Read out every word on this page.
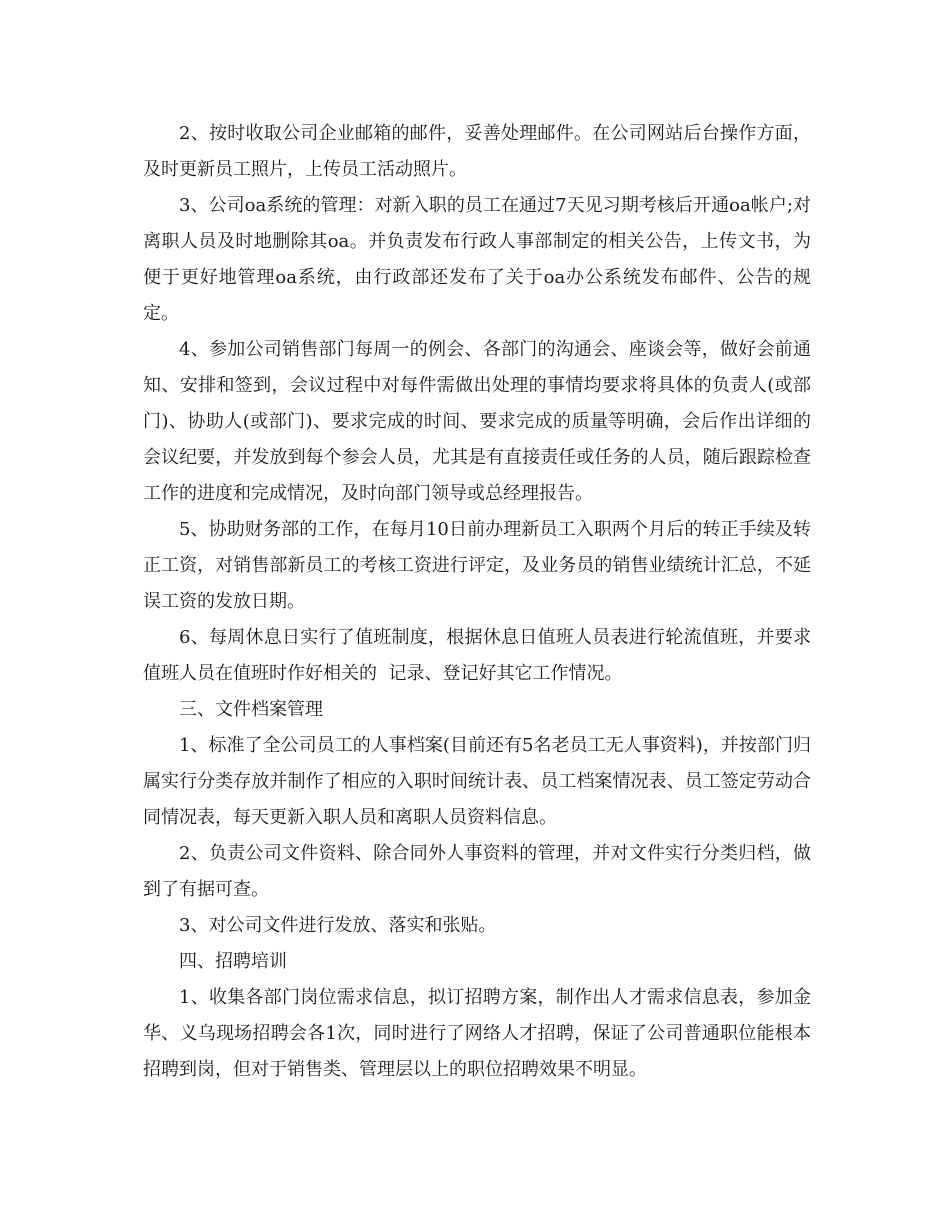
2、按时收取公司企业邮箱的邮件，妥善处理邮件。在公司网站后台操作方面，及时更新员工照片，上传员工活动照片。

3、公司oa系统的管理：对新入职的员工在通过7天见习期考核后开通oa帐户;对离职人员及时地删除其oa。并负责发布行政人事部制定的相关公告，上传文书，为便于更好地管理oa系统，由行政部还发布了关于oa办公系统发布邮件、公告的规定。

4、参加公司销售部门每周一的例会、各部门的沟通会、座谈会等，做好会前通知、安排和签到，会议过程中对每件需做出处理的事情均要求将具体的负责人(或部门)、协助人(或部门)、要求完成的时间、要求完成的质量等明确，会后作出详细的会议纪要，并发放到每个参会人员，尤其是有直接责任或任务的人员，随后跟踪检查工作的进度和完成情况，及时向部门领导或总经理报告。

5、协助财务部的工作，在每月10日前办理新员工入职两个月后的转正手续及转正工资，对销售部新员工的考核工资进行评定，及业务员的销售业绩统计汇总，不延误工资的发放日期。

6、每周休息日实行了值班制度，根据休息日值班人员表进行轮流值班，并要求值班人员在值班时作好相关的  记录、登记好其它工作情况。

三、文件档案管理

1、标准了全公司员工的人事档案(目前还有5名老员工无人事资料)，并按部门归属实行分类存放并制作了相应的入职时间统计表、员工档案情况表、员工签定劳动合同情况表，每天更新入职人员和离职人员资料信息。

2、负责公司文件资料、除合同外人事资料的管理，并对文件实行分类归档，做到了有据可查。

3、对公司文件进行发放、落实和张贴。

四、招聘培训

1、收集各部门岗位需求信息，拟订招聘方案，制作出人才需求信息表，参加金华、义乌现场招聘会各1次，同时进行了网络人才招聘，保证了公司普通职位能根本招聘到岗，但对于销售类、管理层以上的职位招聘效果不明显。
